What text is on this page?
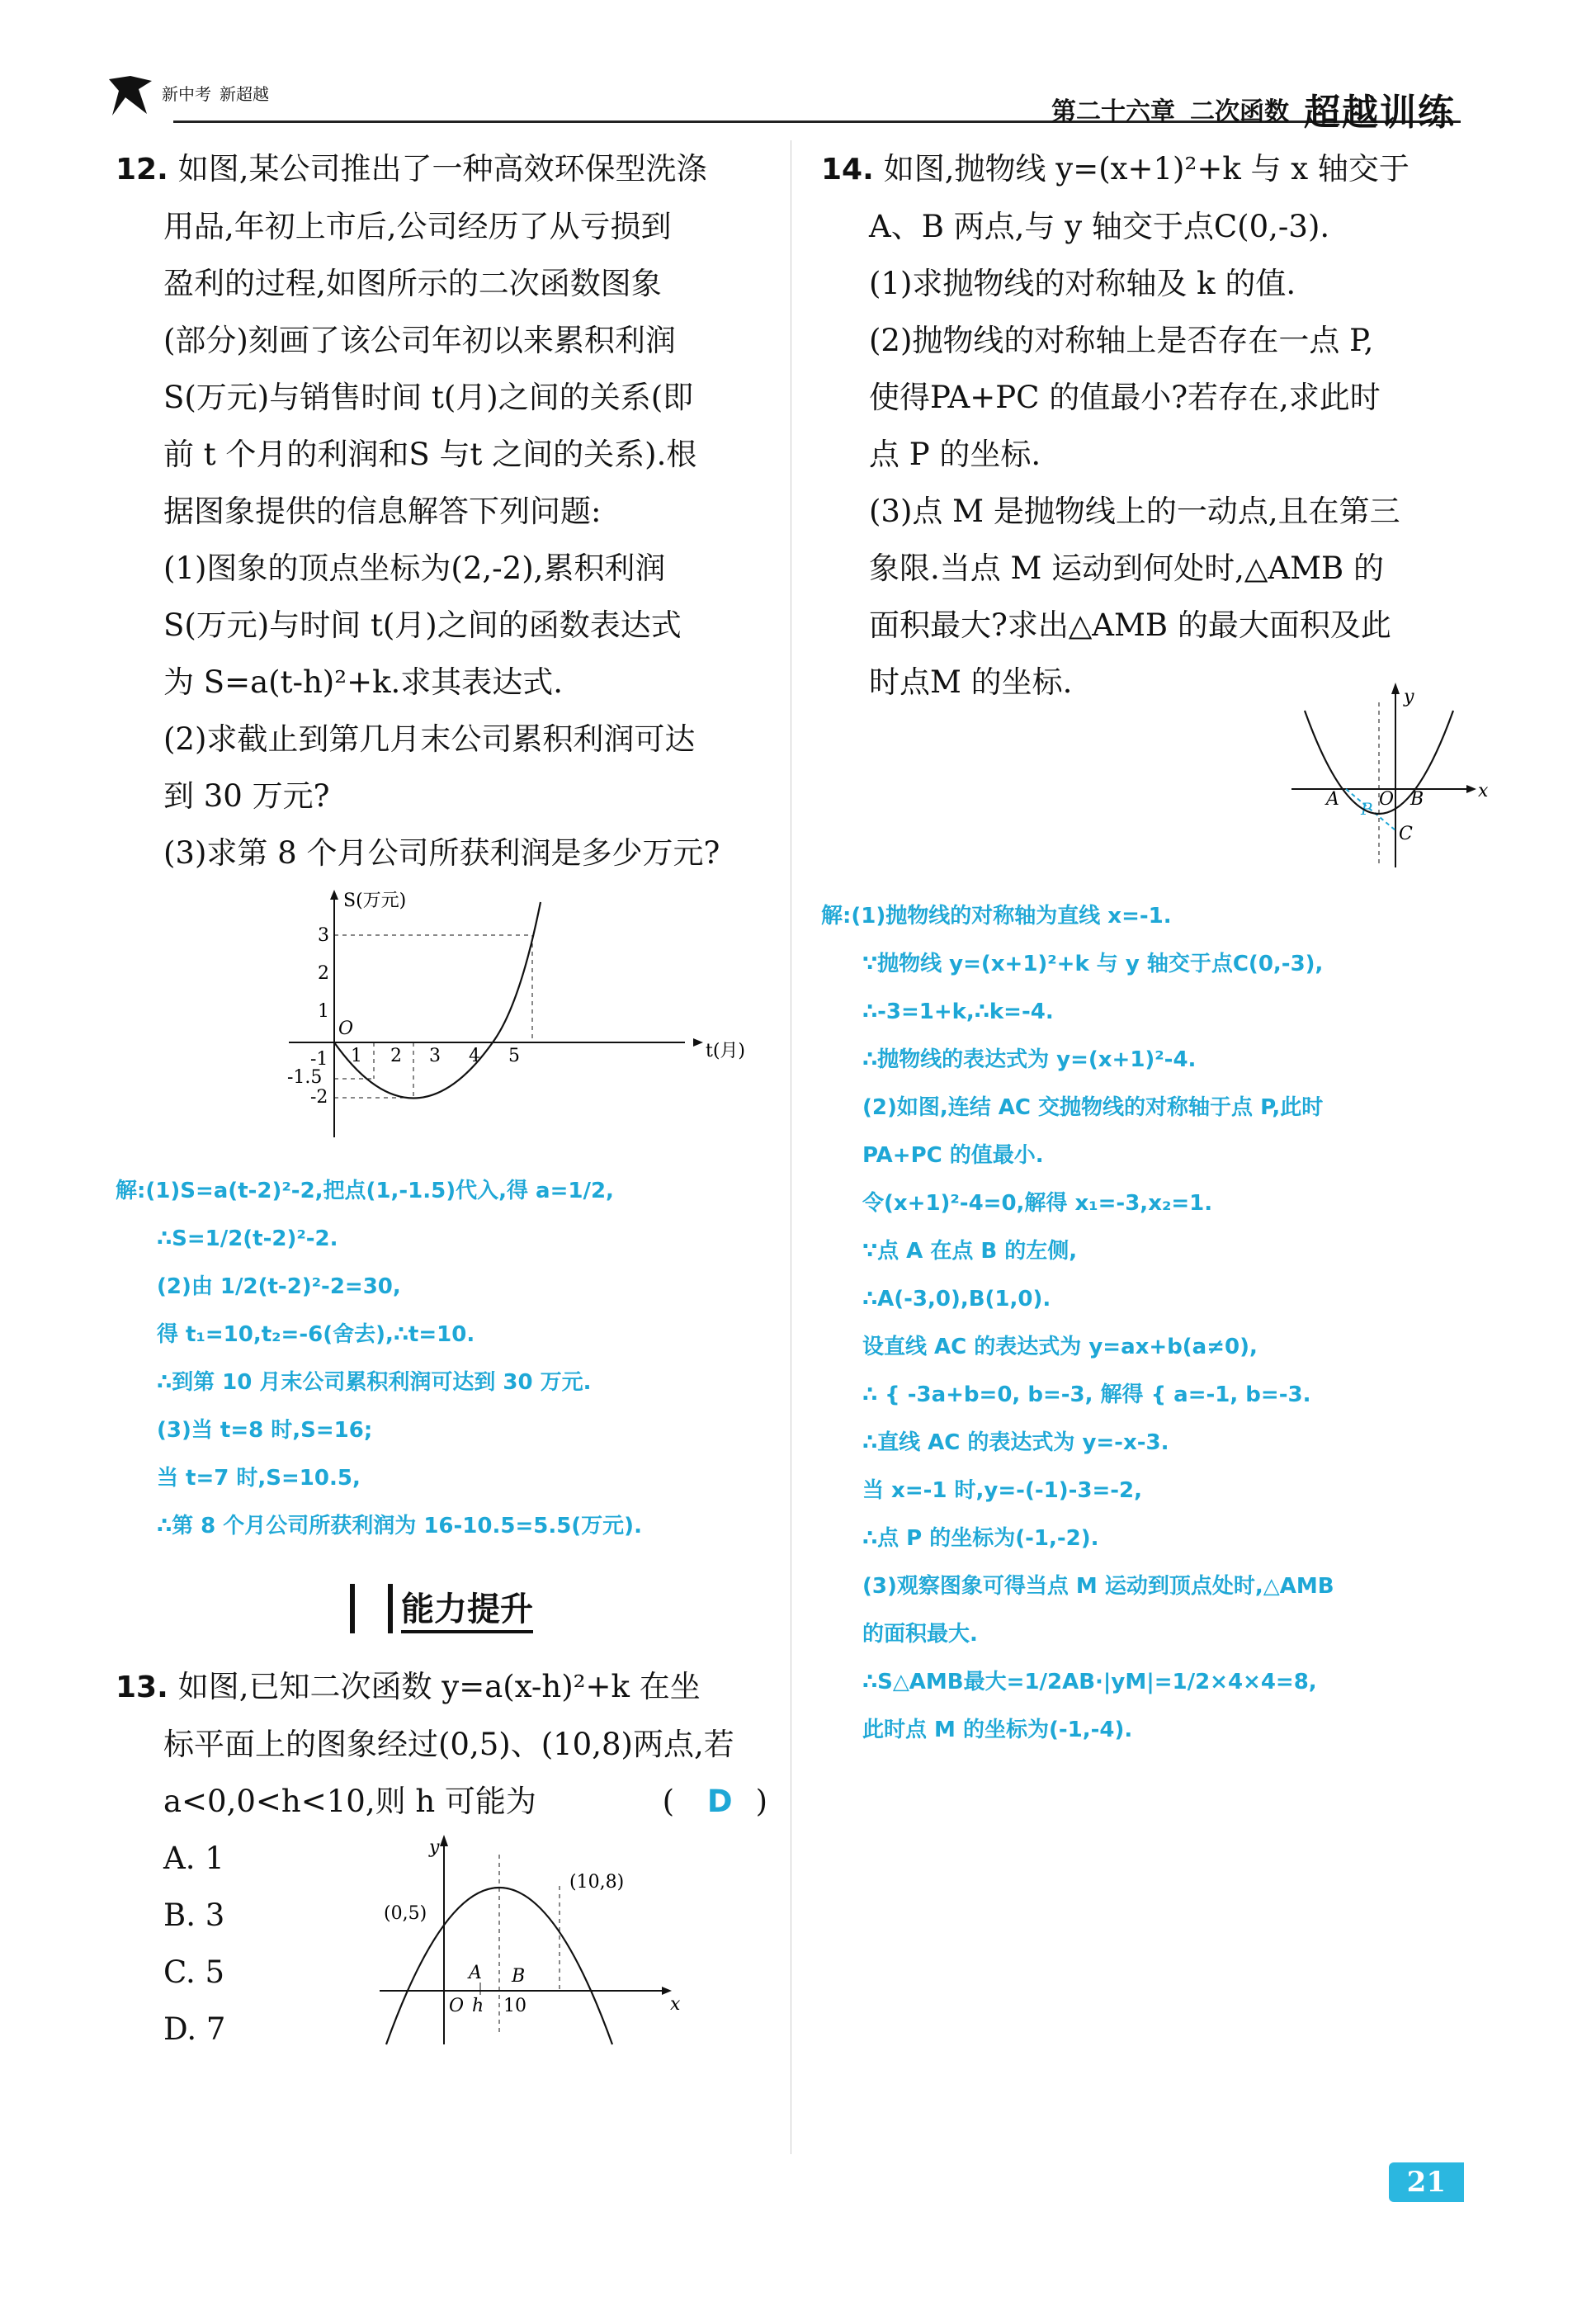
新中考 新超越
第二十六章 二次函数 超越训练

12. 如图,某公司推出了一种高效环保型洗涤

用品,年初上市后,公司经历了从亏损到

盈利的过程,如图所示的二次函数图象

(部分)刻画了该公司年初以来累积利润

S(万元)与销售时间 t(月)之间的关系(即

前 t 个月的利润和S 与t 之间的关系).根

据图象提供的信息解答下列问题:

(1)图象的顶点坐标为(2,-2),累积利润

S(万元)与时间 t(月)之间的函数表达式

为 S=a(t-h)²+k.求其表达式.

(2)求截止到第几月末公司累积利润可达

到 30 万元?

(3)求第 8 个月公司所获利润是多少万元?

S(万元)
t(月)
O
3
2
1
-1
-1.5
-2
1 2 3 4 5

解:(1)S=a(t-2)²-2,把点(1,-1.5)代入,得 a=1/2,

∴S=1/2(t-2)²-2.

(2)由 1/2(t-2)²-2=30,

得 t₁=10,t₂=-6(舍去),∴t=10.

∴到第 10 月末公司累积利润可达到 30 万元.

(3)当 t=8 时,S=16;

当 t=7 时,S=10.5,

∴第 8 个月公司所获利润为 16-10.5=5.5(万元).

能力提升

13. 如图,已知二次函数 y=a(x-h)²+k 在坐

标平面上的图象经过(0,5)、(10,8)两点,若

a<0,0<h<10,则 h 可能为	( D )

A. 1

B. 3

C. 5

D. 7

y
x
O h 10
A B
(0,5)
(10,8)

14. 如图,抛物线 y=(x+1)²+k 与 x 轴交于

A、B 两点,与 y 轴交于点C(0,-3).

(1)求抛物线的对称轴及 k 的值.

(2)抛物线的对称轴上是否存在一点 P,

使得PA+PC 的值最小?若存在,求此时

点 P 的坐标.

(3)点 M 是抛物线上的一动点,且在第三

象限.当点 M 运动到何处时,△AMB 的

面积最大?求出△AMB 的最大面积及此

时点M 的坐标.	y
x
A O B
C
P

解:(1)抛物线的对称轴为直线 x=-1.

∵抛物线 y=(x+1)²+k 与 y 轴交于点C(0,-3),

∴-3=1+k,∴k=-4.

∴抛物线的表达式为 y=(x+1)²-4.

(2)如图,连结 AC 交抛物线的对称轴于点 P,此时

PA+PC 的值最小.

令(x+1)²-4=0,解得 x₁=-3,x₂=1.

∵点 A 在点 B 的左侧,

∴A(-3,0),B(1,0).

设直线 AC 的表达式为 y=ax+b(a≠0),

∴ { -3a+b=0, b=-3, 解得 { a=-1, b=-3.

∴直线 AC 的表达式为 y=-x-3.

当 x=-1 时,y=-(-1)-3=-2,

∴点 P 的坐标为(-1,-2).

(3)观察图象可得当点 M 运动到顶点处时,△AMB

的面积最大.

∴S△AMB最大=1/2AB·|yM|=1/2×4×4=8,

此时点 M 的坐标为(-1,-4).

21
